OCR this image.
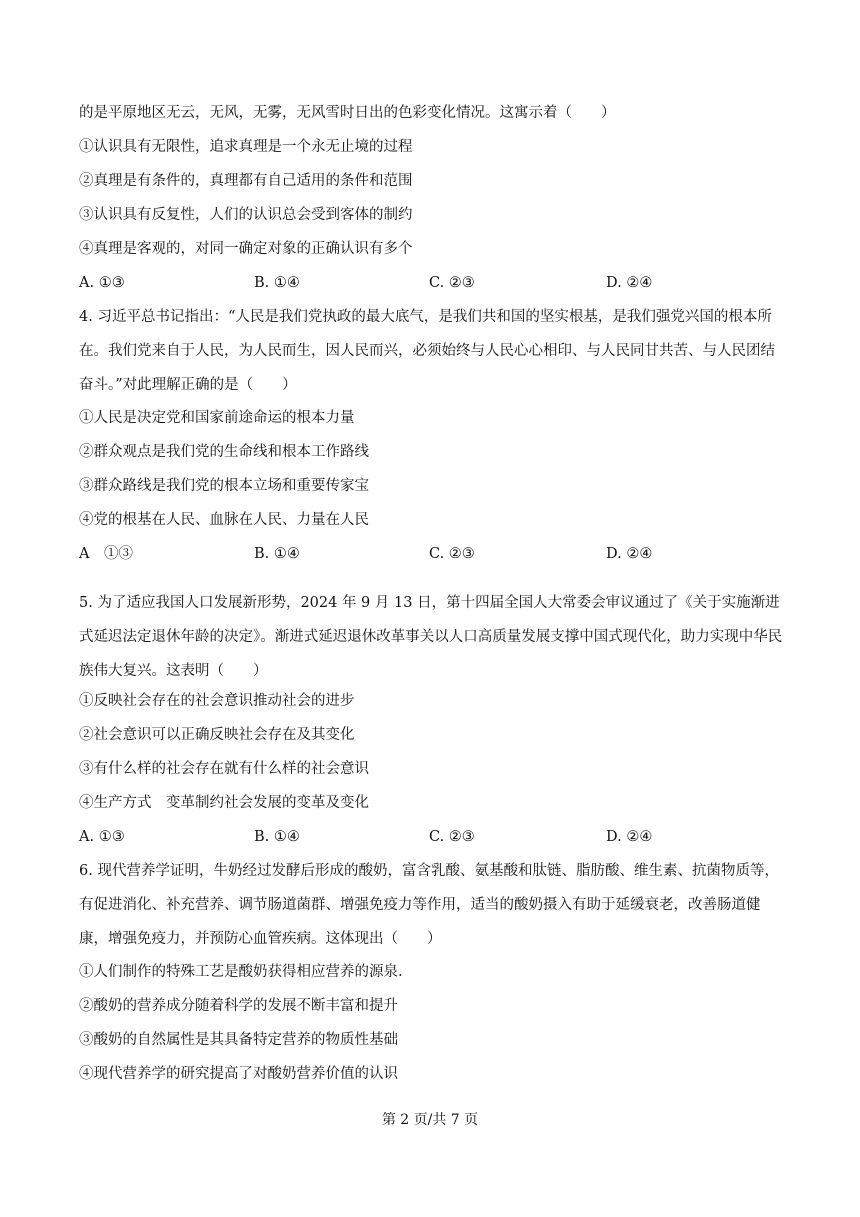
的是平原地区无云，无风，无雾，无风雪时日出的色彩变化情况。这寓示着（　　）
①认识具有无限性，追求真理是一个永无止境的过程
②真理是有条件的，真理都有自己适用的条件和范围
③认识具有反复性，人们的认识总会受到客体的制约
④真理是客观的，对同一确定对象的正确认识有多个
A. ①③	B. ①④	C. ②③	D. ②④
4. 习近平总书记指出：“人民是我们党执政的最大底气，是我们共和国的坚实根基，是我们强党兴国的根本所在。我们党来自于人民，为人民而生，因人民而兴，必须始终与人民心心相印、与人民同甘共苦、与人民团结奋斗。”对此理解正确的是（　　）
①人民是决定党和国家前途命运的根本力量
②群众观点是我们党的生命线和根本工作路线
③群众路线是我们党的根本立场和重要传家宝
④党的根基在人民、血脉在人民、力量在人民
A　①③	B. ①④	C. ②③	D. ②④
5. 为了适应我国人口发展新形势，2024 年 9 月 13 日，第十四届全国人大常委会审议通过了《关于实施渐进式延迟法定退休年龄的决定》。渐进式延迟退休改革事关以人口高质量发展支撑中国式现代化，助力实现中华民族伟大复兴。这表明（　　）
①反映社会存在的社会意识推动社会的进步
②社会意识可以正确反映社会存在及其变化
③有什么样的社会存在就有什么样的社会意识
④生产方式　变革制约社会发展的变革及变化
A. ①③	B. ①④	C. ②③	D. ②④
6. 现代营养学证明，牛奶经过发酵后形成的酸奶，富含乳酸、氨基酸和肽链、脂肪酸、维生素、抗菌物质等，有促进消化、补充营养、调节肠道菌群、增强免疫力等作用，适当的酸奶摄入有助于延缓衰老，改善肠道健康，增强免疫力，并预防心血管疾病。这体现出（　　）
①人们制作的特殊工艺是酸奶获得相应营养的源泉.
②酸奶的营养成分随着科学的发展不断丰富和提升
③酸奶的自然属性是其具备特定营养的物质性基础
④现代营养学的研究提高了对酸奶营养价值的认识
第 2 页/共 7 页
